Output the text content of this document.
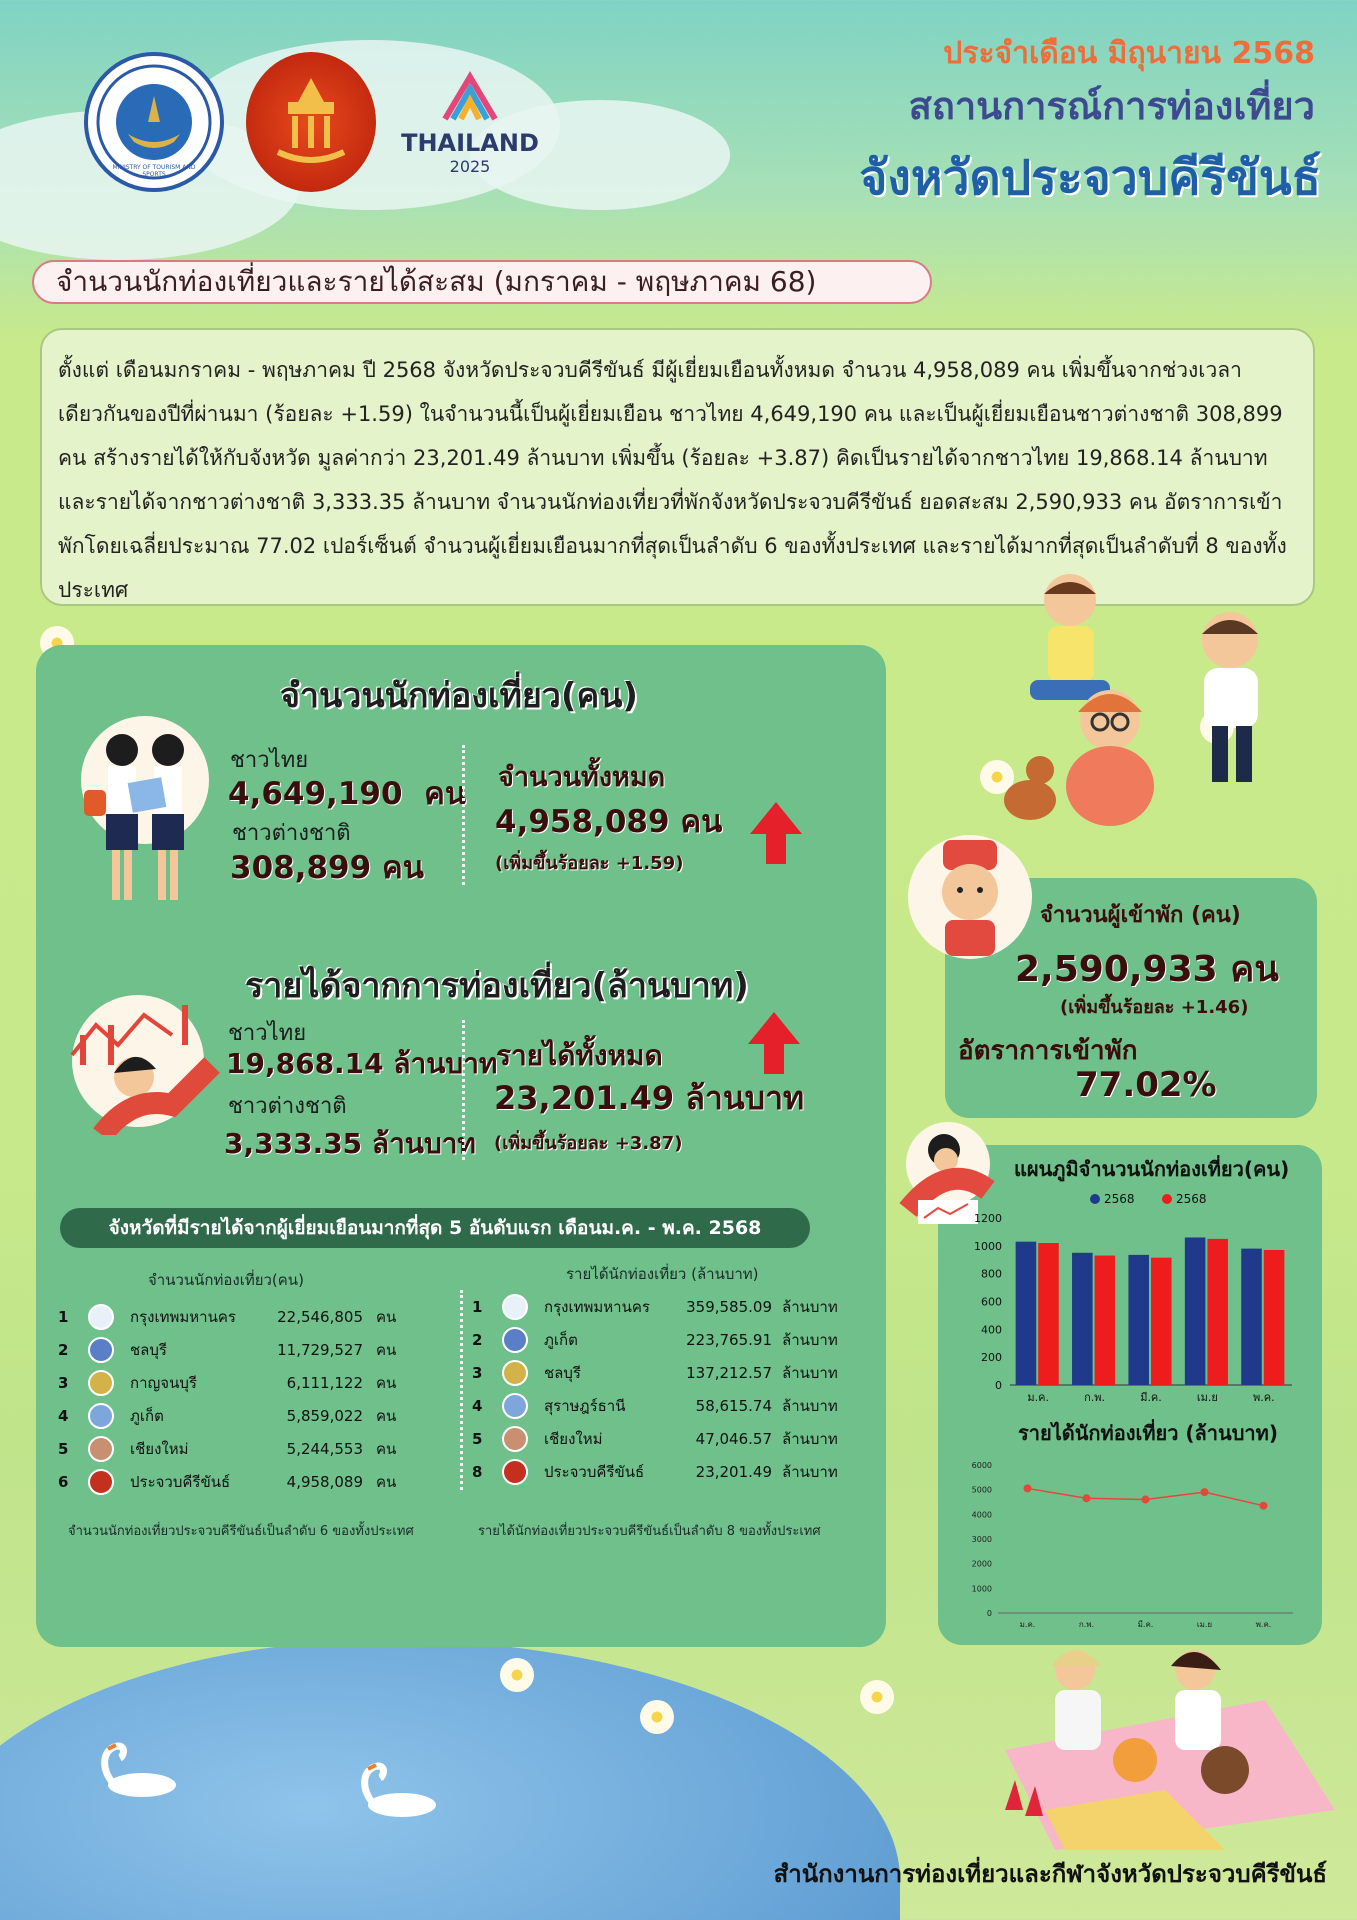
MINISTRY OF TOURISM AND SPORTS
THAILAND
2025
ประจำเดือน มิถุนายน 2568
สถานการณ์การท่องเที่ยว
จังหวัดประจวบคีรีขันธ์
จำนวนนักท่องเที่ยวและรายได้สะสม (มกราคม - พฤษภาคม 68)
ตั้งแต่ เดือนมกราคม - พฤษภาคม ปี 2568 จังหวัดประจวบคีรีขันธ์ มีผู้เยี่ยมเยือนทั้งหมด จำนวน 4,958,089 คน เพิ่มขึ้นจากช่วงเวลาเดียวกันของปีที่ผ่านมา (ร้อยละ +1.59) ในจำนวนนี้เป็นผู้เยี่ยมเยือน ชาวไทย 4,649,190 คน และเป็นผู้เยี่ยมเยือนชาวต่างชาติ 308,899 คน สร้างรายได้ให้กับจังหวัด มูลค่ากว่า 23,201.49 ล้านบาท เพิ่มขึ้น (ร้อยละ +3.87) คิดเป็นรายได้จากชาวไทย 19,868.14 ล้านบาท และรายได้จากชาวต่างชาติ 3,333.35 ล้านบาท จำนวนนักท่องเที่ยวที่พักจังหวัดประจวบคีรีขันธ์ ยอดสะสม 2,590,933 คน อัตราการเข้าพักโดยเฉลี่ยประมาณ 77.02 เปอร์เซ็นต์ จำนวนผู้เยี่ยมเยือนมากที่สุดเป็นลำดับ 6 ของทั้งประเทศ และรายได้มากที่สุดเป็นลำดับที่ 8 ของทั้งประเทศ
จำนวนนักท่องเที่ยว(คน)
ชาวไทย
4,649,190  คน
ชาวต่างชาติ
308,899 คน
จำนวนทั้งหมด
4,958,089 คน
(เพิ่มขึ้นร้อยละ +1.59)
รายได้จากการท่องเที่ยว(ล้านบาท)
ชาวไทย
19,868.14 ล้านบาท
ชาวต่างชาติ
3,333.35 ล้านบาท
รายได้ทั้งหมด
23,201.49 ล้านบาท
(เพิ่มขึ้นร้อยละ +3.87)
จังหวัดที่มีรายได้จากผู้เยี่ยมเยือนมากที่สุด 5 อันดับแรก เดือนม.ค. - พ.ค. 2568
จำนวนนักท่องเที่ยว(คน)	รายได้นักท่องเที่ยว (ล้านบาท)
1	กรุงเทพมหานคร	22,546,805 คน
2	ชลบุรี	11,729,527 คน
3	กาญจนบุรี	6,111,122 คน
4	ภูเก็ต	5,859,022 คน
5	เชียงใหม่	5,244,553 คน
6	ประจวบคีรีขันธ์	4,958,089 คน
1	กรุงเทพมหานคร	359,585.09 ล้านบาท
2	ภูเก็ต	223,765.91 ล้านบาท
3	ชลบุรี	137,212.57 ล้านบาท
4	สุราษฎร์ธานี	58,615.74 ล้านบาท
5	เชียงใหม่	47,046.57 ล้านบาท
8	ประจวบคีรีขันธ์	23,201.49 ล้านบาท
จำนวนนักท่องเที่ยวประจวบคีรีขันธ์เป็นลำดับ 6 ของทั้งประเทศ	รายได้นักท่องเที่ยวประจวบคีรีขันธ์เป็นลำดับ 8 ของทั้งประเทศ
จำนวนผู้เข้าพัก (คน)
2,590,933 คน
(เพิ่มขึ้นร้อยละ +1.46)
อัตราการเข้าพัก
77.02%
แผนภูมิจำนวนนักท่องเที่ยว(คน)
2568	2568
0
200
400
600
800
1000
1200
ม.ค.	ก.พ.	มี.ค.	เม.ย	พ.ค.
รายได้นักท่องเที่ยว (ล้านบาท)
0
1000
2000
3000
4000
5000
6000
ม.ค.	ก.พ.	มี.ค.	เม.ย	พ.ค.
สำนักงานการท่องเที่ยวและกีฬาจังหวัดประจวบคีรีขันธ์
